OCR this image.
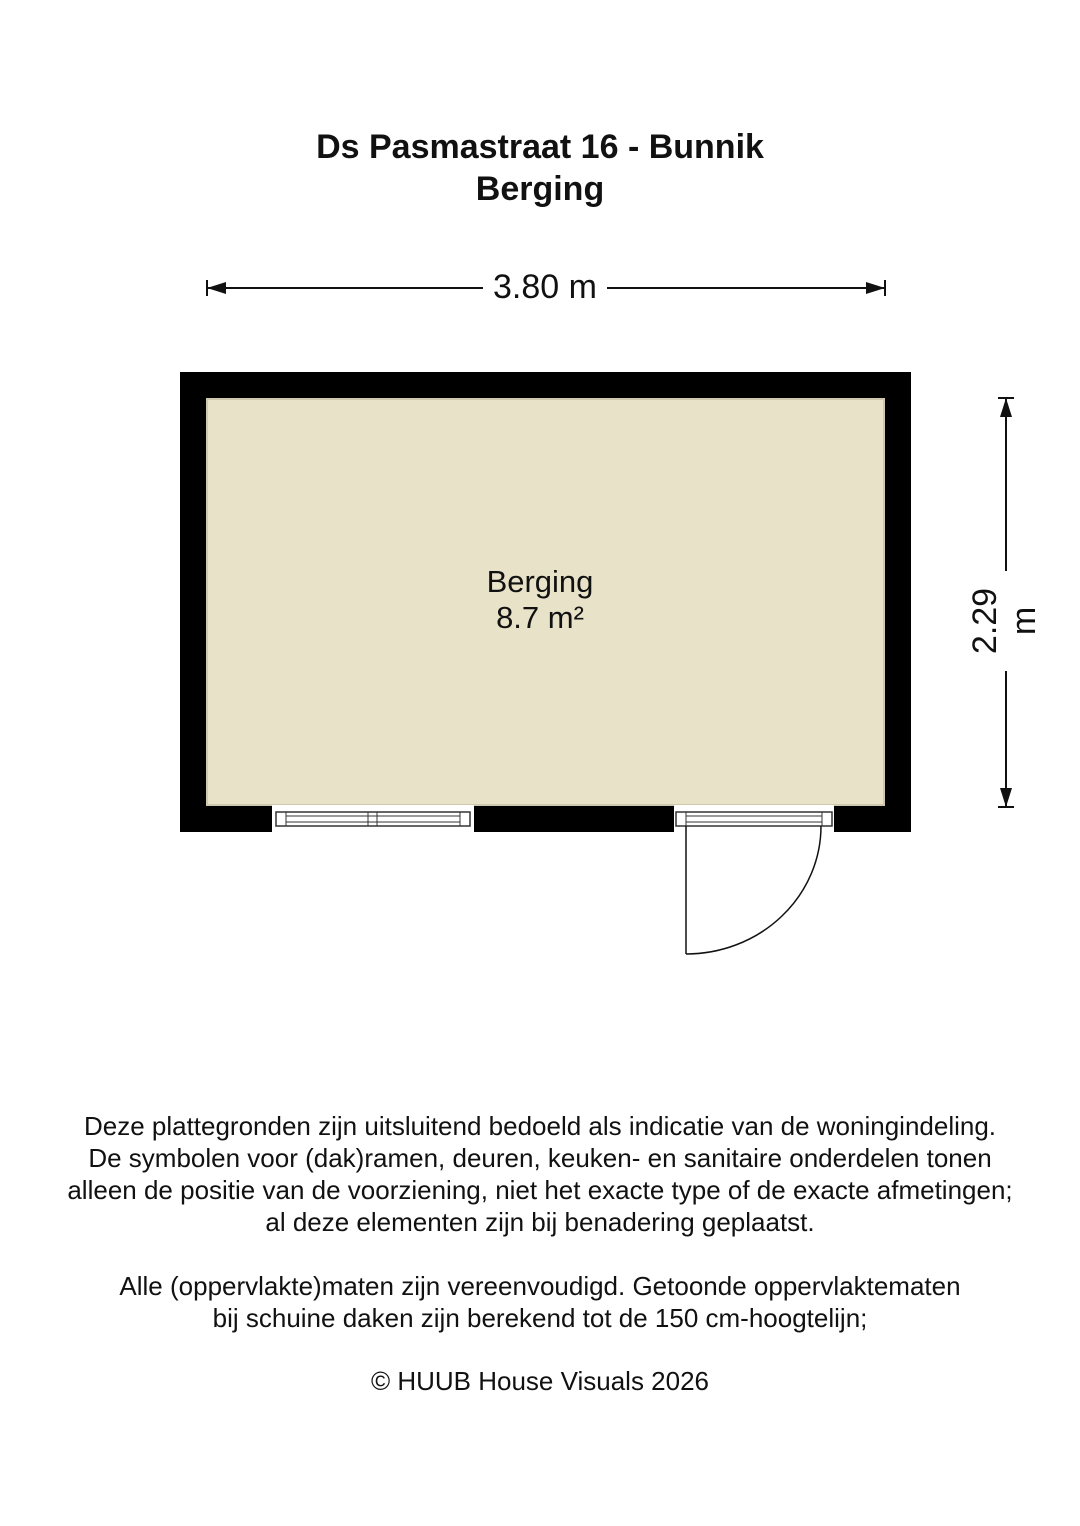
Ds Pasmastraat 16 - Bunnik
Berging
3.80 m
2.29 m
Berging
8.7 m²
Deze plattegronden zijn uitsluitend bedoeld als indicatie van de woningindeling.
De symbolen voor (dak)ramen, deuren, keuken- en sanitaire onderdelen tonen
alleen de positie van de voorziening, niet het exacte type of de exacte afmetingen;
al deze elementen zijn bij benadering geplaatst.
Alle (oppervlakte)maten zijn vereenvoudigd. Getoonde oppervlaktematen
bij schuine daken zijn berekend tot de 150 cm-hoogtelijn;
© HUUB House Visuals 2026
